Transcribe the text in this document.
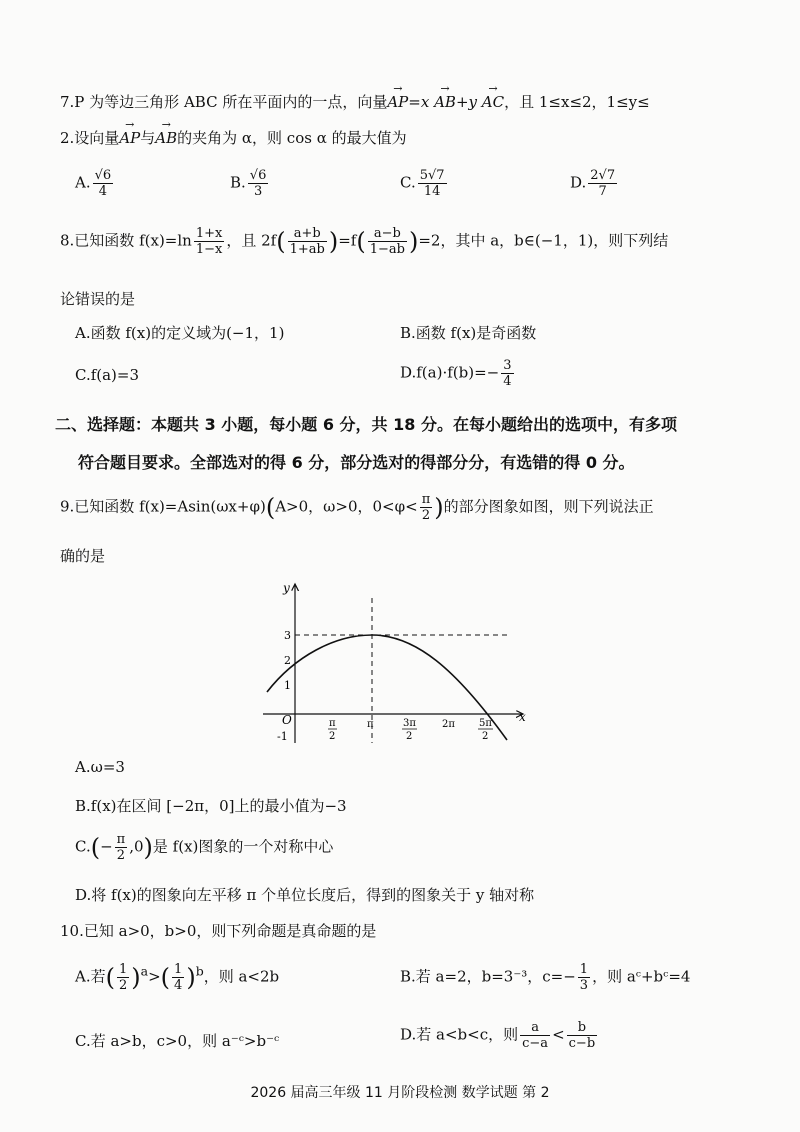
7.P 为等边三角形 ABC 所在平面内的一点，向量→ AP=x → AB+y → AC，且 1≤x≤2，1≤y≤
2.设向量→ AP与→ AB的夹角为 α，则 cos α 的最大值为
A. $\frac{√6}{4}$	B. $\frac{√6}{3}$	C. $\frac{5√7}{14}$	D. $\frac{2√7}{7}$
8.已知函数 $f(x)=\ln \frac{1+x}{1-x}$ ，且 $2f( \frac{a+b}{1+ab} )=f( \frac{a-b}{1-ab} )=2$，其中 a，b∈(−1，1)，则下列结
论错误的是
A.函数 f(x)的定义域为(−1，1)	B.函数 f(x)是奇函数
C.f(a)=3	$D.f(a)\cdot f(b)=- \frac{3}{4}$
二、选择题：本题共 3 小题，每小题 6 分，共 18 分。在每小题给出的选项中，有多项
符合题目要求。全部选对的得 6 分，部分选对的得部分分，有选错的得 0 分。
9.已知函数 f(x)=Asin(ωx+φ)(A>0，ω>0，$0<\varphi< \frac{\pi}{2}$ )的部分图象如图，则下列说法正
确的是
y
x
O
3
2
1
-1
π
2
π	3π
2
2π 5π
2
A.ω=3
B.f(x)在区间 [−2π，0]上的最小值为−3
$C.(- \frac{\pi}{2} ,0)$是 f(x)图象的一个对称中心
D.将 f(x)的图象向左平移 π 个单位长度后，得到的图象关于 y 轴对称
10.已知 a>0，b>0，则下列命题是真命题的是
A.若( $\frac{1}{2} )^a>( \frac{1}{4} )^b$，则 a<2b	B.若 a=2，b=3⁻³，$c=- \frac{1}{3}$ ，则 aᶜ+bᶜ=4
C.若 a>b，c>0，则 a⁻ᶜ>b⁻ᶜ	D.若 a<b<c，则 $\frac{a}{c-a} < \frac{b}{c-b}$
2026 届高三年级 11 月阶段检测 数学试题 第 2
